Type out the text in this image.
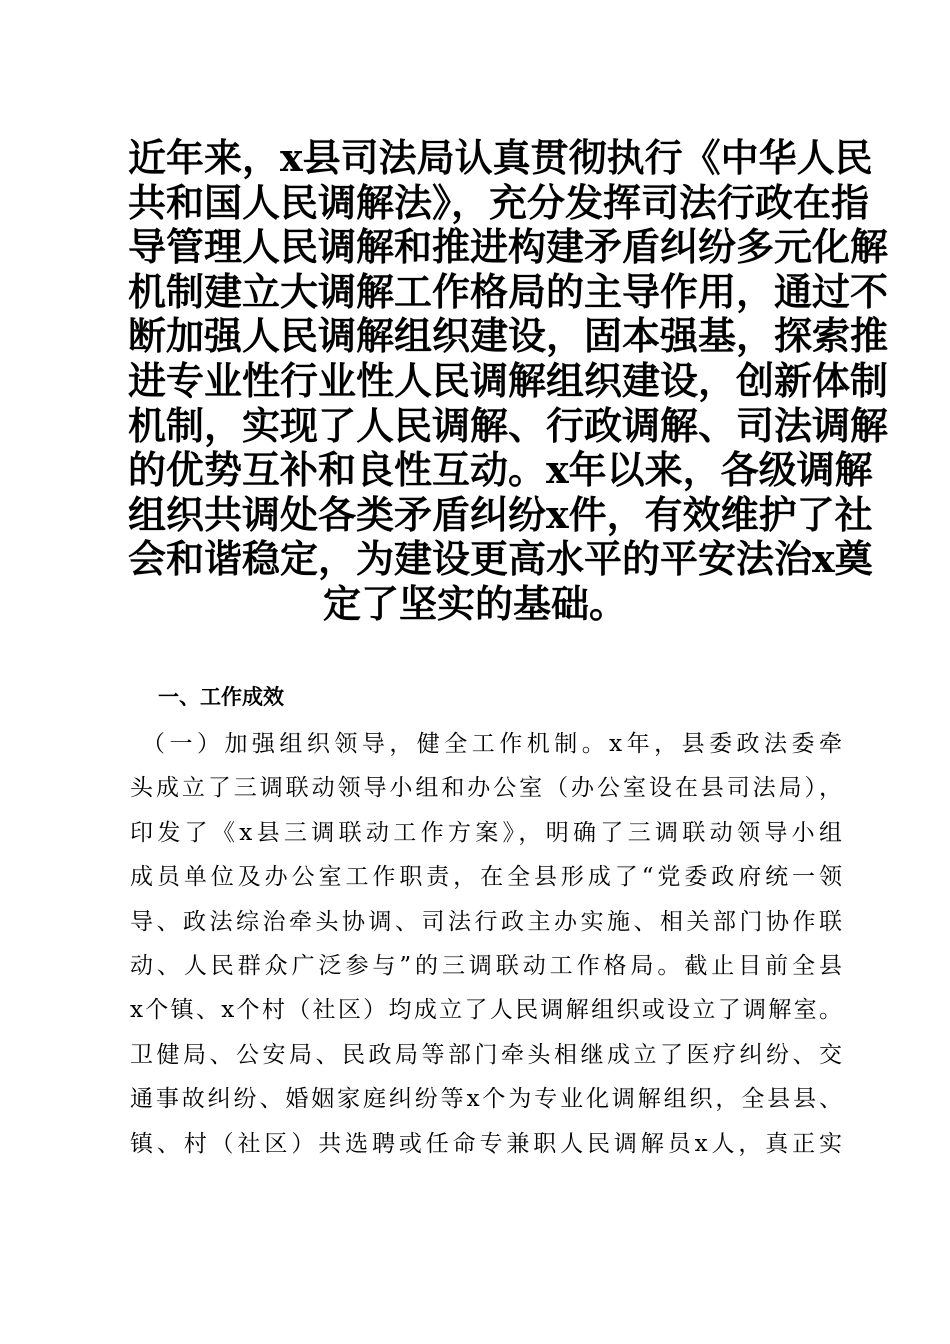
近年来，x县司法局认真贯彻执行《中华人民
共和国人民调解法》，充分发挥司法行政在指
导管理人民调解和推进构建矛盾纠纷多元化解
机制建立大调解工作格局的主导作用，通过不
断加强人民调解组织建设，固本强基，探索推
进专业性行业性人民调解组织建设，创新体制
机制，实现了人民调解、行政调解、司法调解
的优势互补和良性互动。x年以来，各级调解
组织共调处各类矛盾纠纷x件，有效维护了社
会和谐稳定，为建设更高水平的平安法治x奠
定了坚实的基础。
一、工作成效
（一）加强组织领导，健全工作机制。x年，县委政法委牵
头成立了三调联动领导小组和办公室（办公室设在县司法局），
印发了《x县三调联动工作方案》，明确了三调联动领导小组
成员单位及办公室工作职责，在全县形成了“党委政府统一领
导、政法综治牵头协调、司法行政主办实施、相关部门协作联
动、人民群众广泛参与”的三调联动工作格局。截止目前全县
x个镇、x个村（社区）均成立了人民调解组织或设立了调解室。
卫健局、公安局、民政局等部门牵头相继成立了医疗纠纷、交
通事故纠纷、婚姻家庭纠纷等x个为专业化调解组织，全县县、
镇、村（社区）共选聘或任命专兼职人民调解员x人，真正实
